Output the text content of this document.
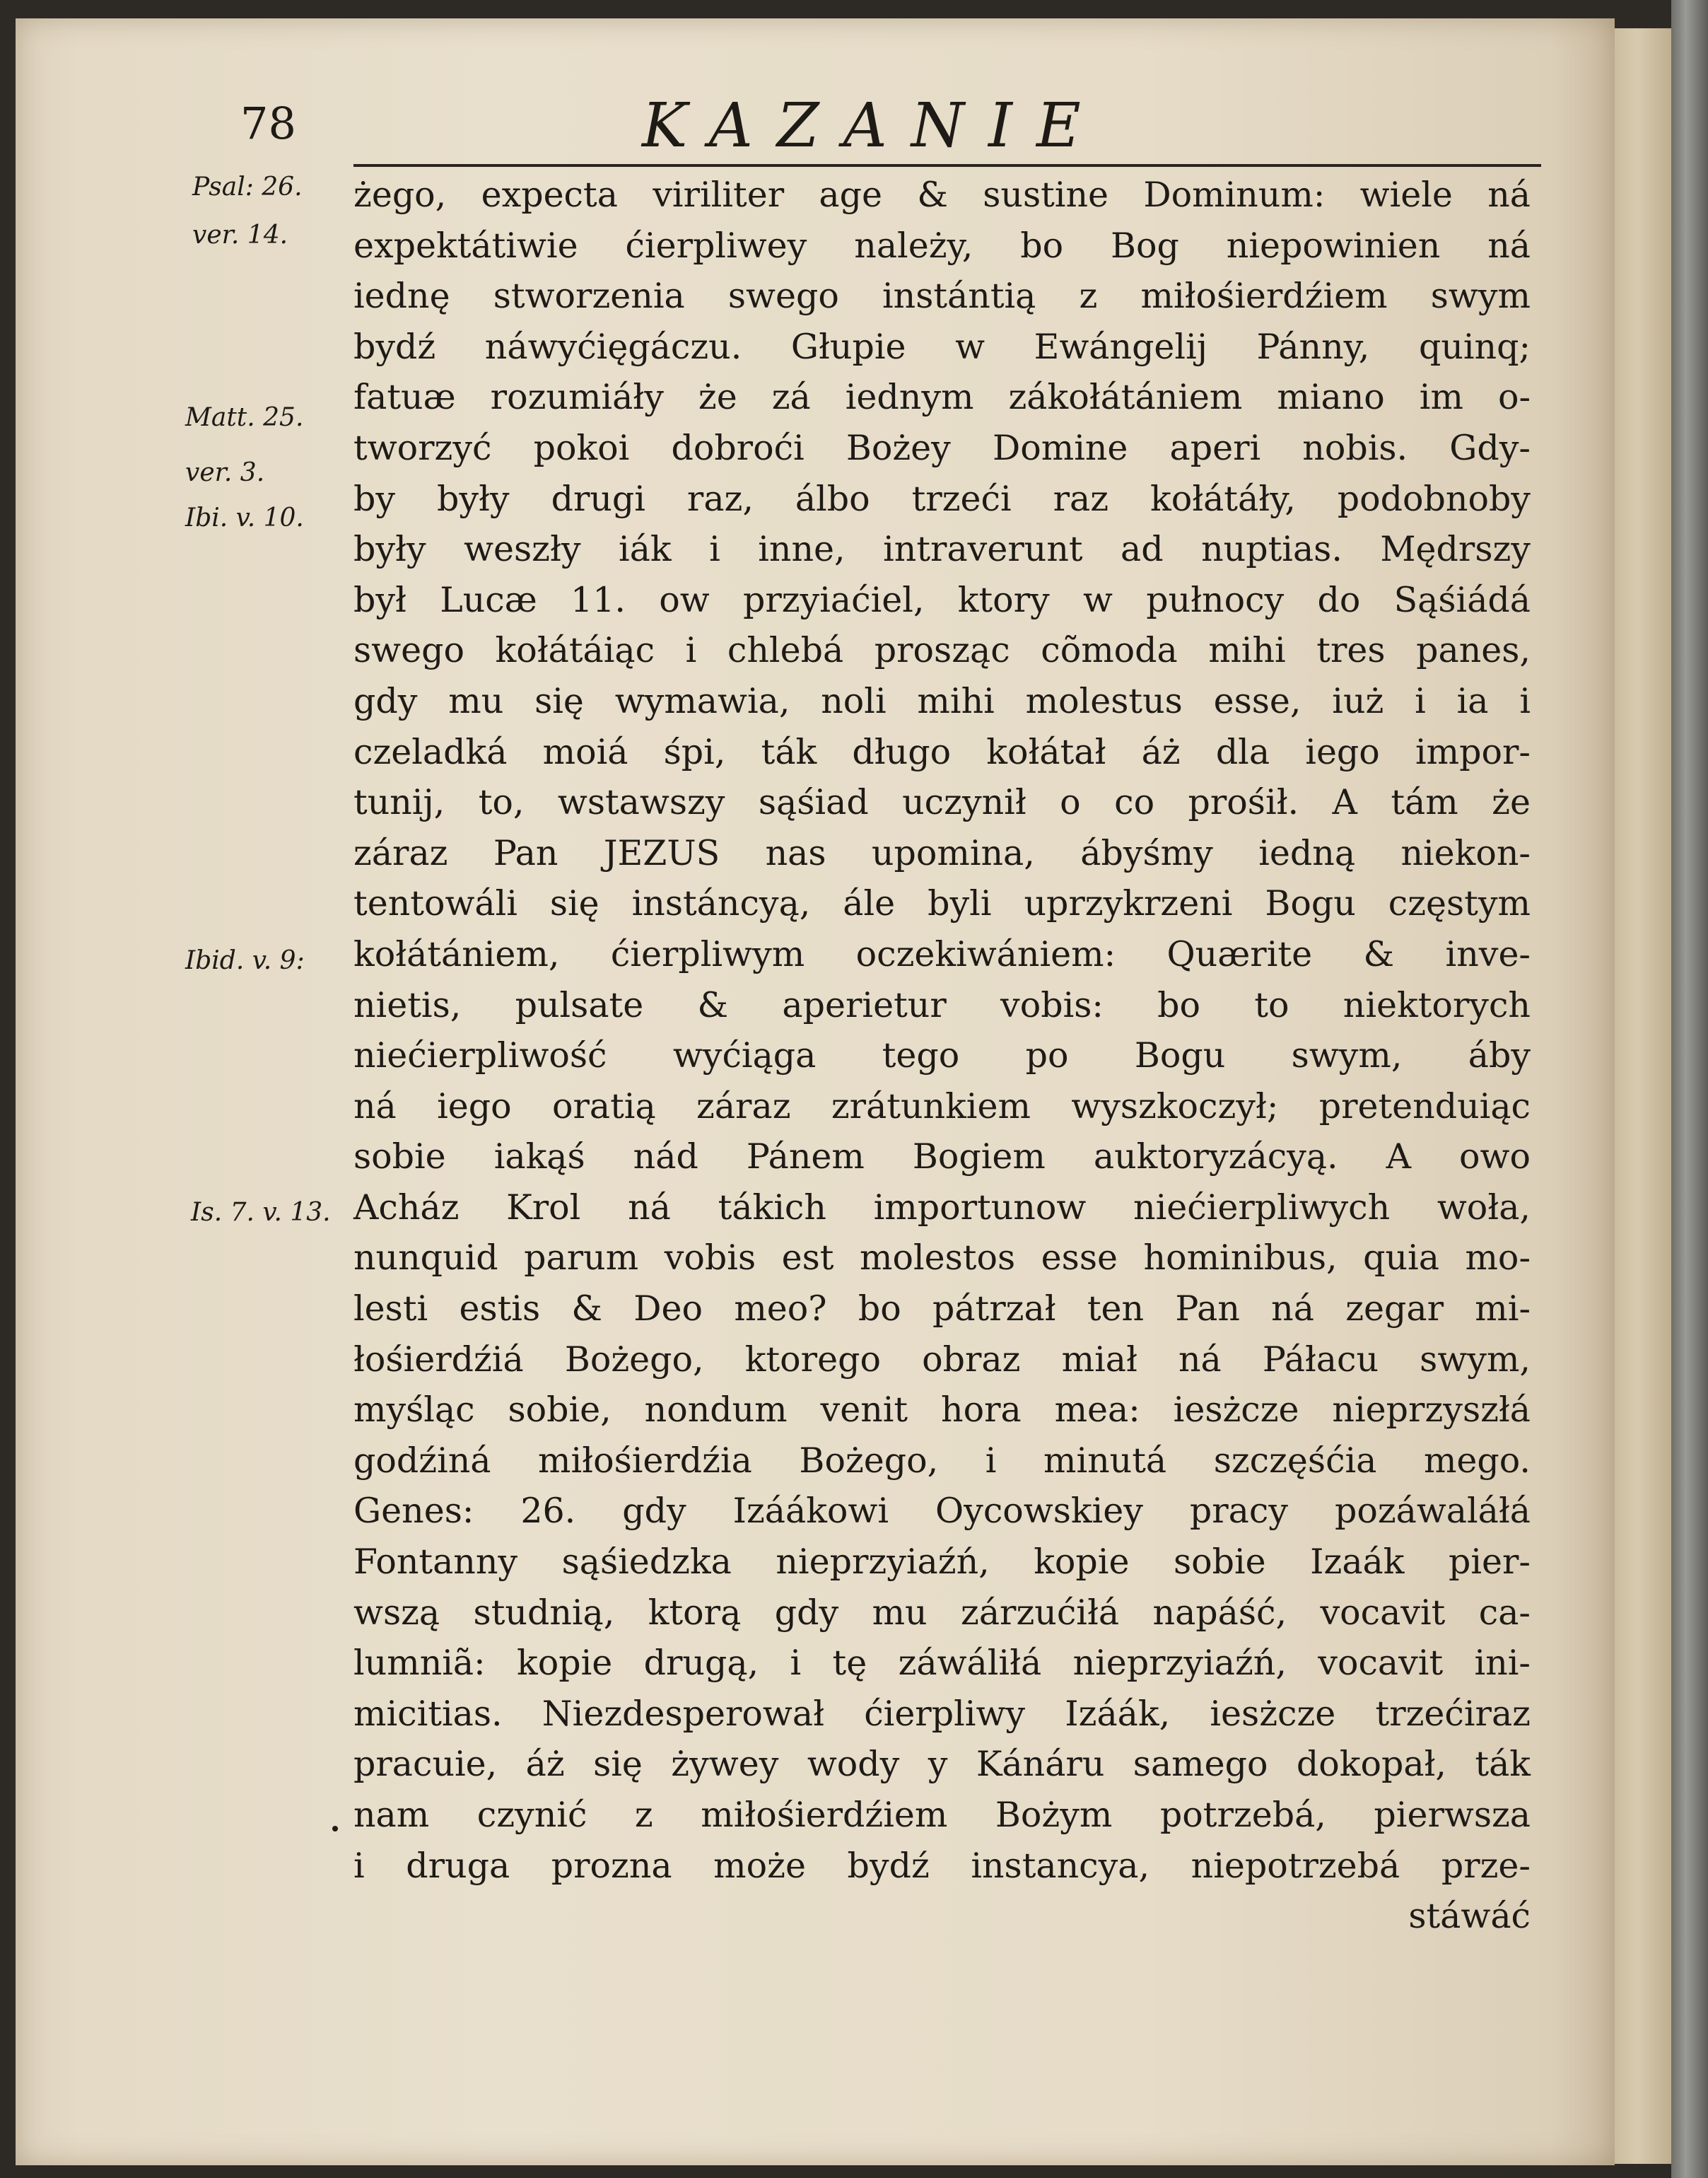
78	KAZANIE
Psal: 26.
ver. 14.
Matt. 25.
ver. 3.
Ibi. v. 10.
Ibid. v. 9:
Is. 7. v. 13.
żego, expecta viriliter age & sustine Dominum: wiele ná
expektátiwie ćierpliwey należy, bo Bog niepowinien ná
iednę stworzenia swego instántią z miłośierdźiem swym
bydź náwyćięgáczu. Głupie w Ewángelij Pánny, quinq;
fatuæ rozumiáły że zá iednym zákołátániem miano im o-
tworzyć pokoi dobroći Bożey Domine aperi nobis. Gdy-
by były drugi raz, álbo trzeći raz kołátáły, podobnoby
były weszły iák i inne, intraverunt ad nuptias. Mędrszy
był Lucæ 11. ow przyiaćiel, ktory w pułnocy do Sąśiádá
swego kołátáiąc i chlebá prosząc cõmoda mihi tres panes,
gdy mu się wymawia, noli mihi molestus esse, iuż i ia i
czeladká moiá śpi, ták długo kołátał áż dla iego impor-
tunij, to, wstawszy sąśiad uczynił o co prośił. A tám że
záraz Pan JEZUS nas upomina, ábyśmy iedną niekon-
tentowáli się instáncyą, ále byli uprzykrzeni Bogu częstym
kołátániem, ćierpliwym oczekiwániem: Quærite & inve-
nietis, pulsate & aperietur vobis: bo to niektorych
niećierpliwość wyćiąga tego po Bogu swym, áby
ná iego oratią záraz zrátunkiem wyszkoczył; pretenduiąc
sobie iakąś nád Pánem Bogiem auktoryzácyą. A owo
Acház Krol ná tákich importunow niećierpliwych woła,
nunquid parum vobis est molestos esse hominibus, quia mo-
lesti estis & Deo meo? bo pátrzał ten Pan ná zegar mi-
łośierdźiá Bożego, ktorego obraz miał ná Páłacu swym,
myśląc sobie, nondum venit hora mea: iesżcze nieprzyszłá
godźiná miłośierdźia Bożego, i minutá szczęśćia mego.
Genes: 26. gdy Izáákowi Oycowskiey pracy pozáwaláłá
Fontanny sąśiedzka nieprzyiaźń, kopie sobie Izaák pier-
wszą studnią, ktorą gdy mu zárzućiłá napáść, vocavit ca-
lumniã: kopie drugą, i tę záwáliłá nieprzyiaźń, vocavit ini-
micitias. Niezdesperował ćierpliwy Izáák, iesżcze trzećiraz
pracuie, áż się żywey wody y Kánáru samego dokopał, ták
nam czynić z miłośierdźiem Bożym potrzebá, pierwsza
i druga prozna może bydź instancya, niepotrzebá prze-
stáwáć
